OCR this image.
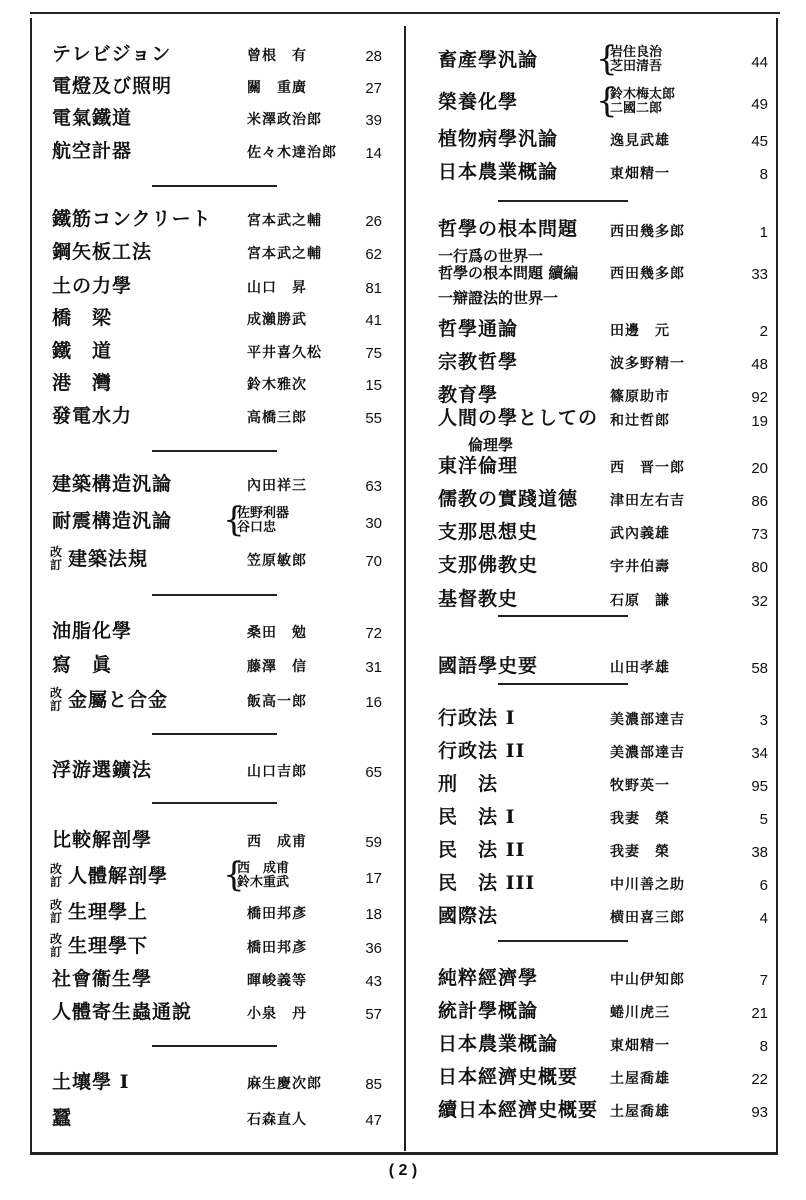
テレビジョン	曾根　有	28
電燈及び照明	關　重廣	27
電氣鐵道	米澤政治郎	39
航空計器	佐々木達治郎	14
鐵筋コンクリート	宮本武之輔	26
鋼矢板工法	宮本武之輔	62
土の力學	山口　昇	81
橋　梁	成瀨勝武	41
鐵　道	平井喜久松	75
港　灣	鈴木雅次	15
發電水力	高橋三郎	55
建築構造汎論	內田祥三	63
耐震構造汎論 {
佐野利器
谷口忠	30
改訂 建築法規	笠原敏郎	70
油脂化學	桑田　勉	72
寫　眞	藤澤　信	31
改訂 金屬と合金	飯高一郎	16
浮游選鑛法	山口吉郎	65
比較解剖學	西　成甫	59
改訂 人體解剖學 {
西　成甫
鈴木重武	17
改訂 生理學上	橋田邦彥	18
改訂 生理學下	橋田邦彥	36
社會衞生學	暉峻義等	43
人體寄生蟲通說	小泉　丹	57
土壤學 I	麻生慶次郎	85
蠶	石森直人	47
畜產學汎論 {
岩住良治
芝田清吾	44
榮養化學 {
鈴木梅太郎
二國二郎	49
植物病學汎論	逸見武雄	45
日本農業概論	東畑精一	8
哲學の根本問題
一行爲の世界一
西田幾多郎	1
哲學の根本問題 續編
一辯證法的世界一
西田幾多郎	33
哲學通論	田邊　元	2
宗教哲學	波多野精一	48
教育學	篠原助市	92
人間の學としての
倫理學
和辻哲郎	19
東洋倫理	西　晋一郎	20
儒教の實踐道德 津田左右吉	86
支那思想史	武內義雄	73
支那佛教史	宇井伯壽	80
基督教史	石原　謙	32
國語學史要	山田孝雄	58
行政法 I	美濃部達吉	3
行政法 II	美濃部達吉	34
刑　法	牧野英一	95
民　法 I	我妻　榮	5
民　法 II	我妻　榮	38
民　法 III	中川善之助	6
國際法	横田喜三郎	4
純粹經濟學	中山伊知郎	7
統計學概論	蜷川虎三	21
日本農業概論	東畑精一	8
日本經濟史概要 土屋喬雄	22
續日本經濟史概要 土屋喬雄	93
( 2 )
